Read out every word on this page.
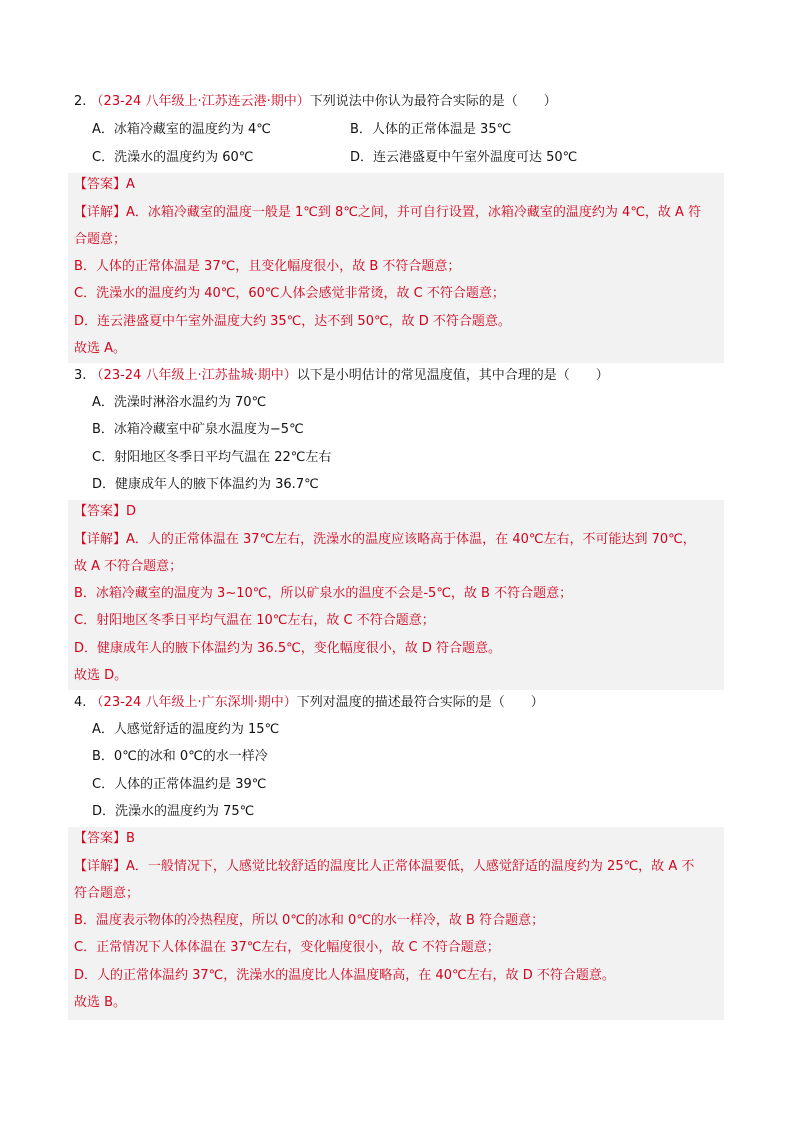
2. （23-24 八年级上·江苏连云港·期中）下列说法中你认为最符合实际的是（　　）
A．冰箱冷藏室的温度约为 4℃	B．人体的正常体温是 35℃
C．洗澡水的温度约为 60℃	D．连云港盛夏中午室外温度可达 50℃
【答案】A
【详解】A．冰箱冷藏室的温度一般是 1℃到 8℃之间，并可自行设置，冰箱冷藏室的温度约为 4℃，故 A 符
合题意；
B．人体的正常体温是 37℃，且变化幅度很小，故 B 不符合题意；
C．洗澡水的温度约为 40℃，60℃人体会感觉非常烫，故 C 不符合题意；
D．连云港盛夏中午室外温度大约 35℃，达不到 50℃，故 D 不符合题意。
故选 A。
3. （23-24 八年级上·江苏盐城·期中）以下是小明估计的常见温度值，其中合理的是（　　）
A．洗澡时淋浴水温约为 70℃
B．冰箱冷藏室中矿泉水温度为−5℃
C．射阳地区冬季日平均气温在 22℃左右
D．健康成年人的腋下体温约为 36.7℃
【答案】D
【详解】A．人的正常体温在 37℃左右，洗澡水的温度应该略高于体温，在 40℃左右，不可能达到 70℃，
故 A 不符合题意；
B．冰箱冷藏室的温度为 3~10℃，所以矿泉水的温度不会是-5℃，故 B 不符合题意；
C．射阳地区冬季日平均气温在 10℃左右，故 C 不符合题意；
D．健康成年人的腋下体温约为 36.5℃，变化幅度很小，故 D 符合题意。
故选 D。
4. （23-24 八年级上·广东深圳·期中）下列对温度的描述最符合实际的是（　　）
A．人感觉舒适的温度约为 15℃
B．0℃的冰和 0℃的水一样冷
C．人体的正常体温约是 39℃
D．洗澡水的温度约为 75℃
【答案】B
【详解】A．一般情况下，人感觉比较舒适的温度比人正常体温要低，人感觉舒适的温度约为 25℃，故 A 不
符合题意；
B．温度表示物体的冷热程度，所以 0℃的冰和 0℃的水一样冷，故 B 符合题意；
C．正常情况下人体体温在 37℃左右，变化幅度很小，故 C 不符合题意；
D．人的正常体温约 37℃，洗澡水的温度比人体温度略高，在 40℃左右，故 D 不符合题意。
故选 B。
